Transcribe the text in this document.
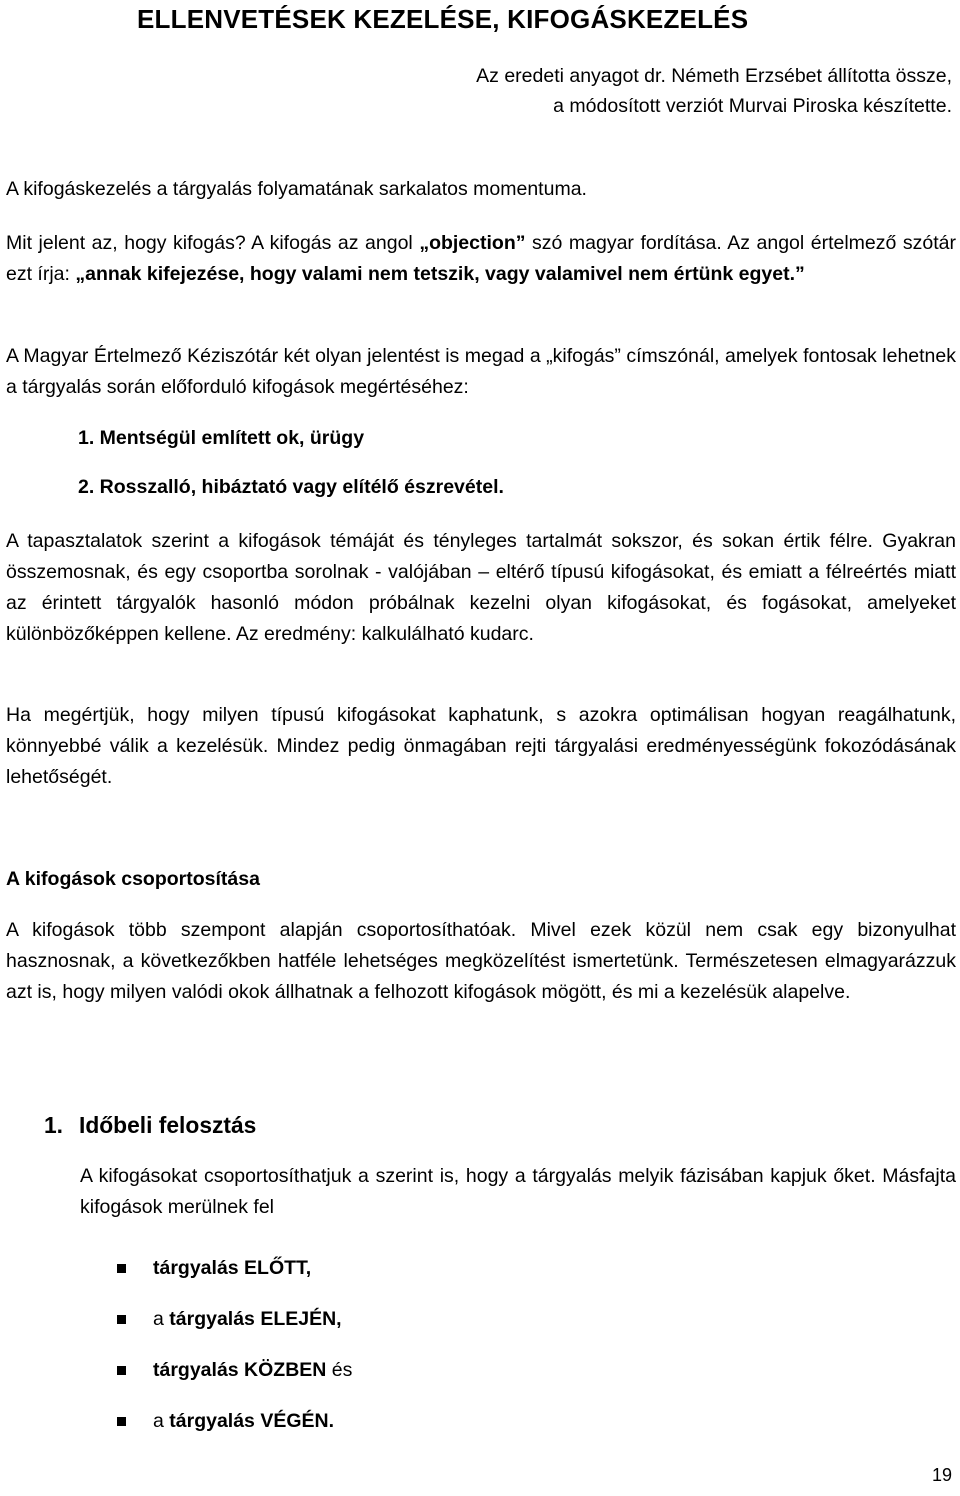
ELLENVETÉSEK KEZELÉSE, KIFOGÁSKEZELÉS
Az eredeti anyagot dr. Németh Erzsébet állította össze,
a módosított verziót Murvai Piroska készítette.

A kifogáskezelés a tárgyalás folyamatának sarkalatos momentuma.

Mit jelent az, hogy kifogás? A kifogás az angol „objection” szó magyar fordítása. Az angol értelmező szótár ezt írja: „annak kifejezése, hogy valami nem tetszik, vagy valamivel nem értünk egyet.”

A Magyar Értelmező Kéziszótár két olyan jelentést is megad a „kifogás” címszónál, amelyek fontosak lehetnek a tárgyalás során előforduló kifogások megértéséhez:

1. Mentségül említett ok, ürügy

2. Rosszalló, hibáztató vagy elítélő észrevétel.

A tapasztalatok szerint a kifogások témáját és tényleges tartalmát sokszor, és sokan értik félre. Gyakran összemosnak, és egy csoportba sorolnak - valójában – eltérő típusú kifogásokat, és emiatt a félreértés miatt az érintett tárgyalók hasonló módon próbálnak kezelni olyan kifogásokat, és fogásokat, amelyeket különbözőképpen kellene. Az eredmény: kalkulálható kudarc.

Ha megértjük, hogy milyen típusú kifogásokat kaphatunk, s azokra optimálisan hogyan reagálhatunk, könnyebbé válik a kezelésük. Mindez pedig önmagában rejti tárgyalási eredményességünk fokozódásának lehetőségét.

A kifogások csoportosítása

A kifogások több szempont alapján csoportosíthatóak. Mivel ezek közül nem csak egy bizonyulhat hasznosnak, a következőkben hatféle lehetséges megközelítést ismertetünk. Természetesen elmagyarázzuk azt is, hogy milyen valódi okok állhatnak a felhozott kifogások mögött, és mi a kezelésük alapelve.

1. Időbeli felosztás

A kifogásokat csoportosíthatjuk a szerint is, hogy a tárgyalás melyik fázisában kapjuk őket. Másfajta kifogások merülnek fel

tárgyalás ELŐTT,
a tárgyalás ELEJÉN,
tárgyalás KÖZBEN és
a tárgyalás VÉGÉN.
19
